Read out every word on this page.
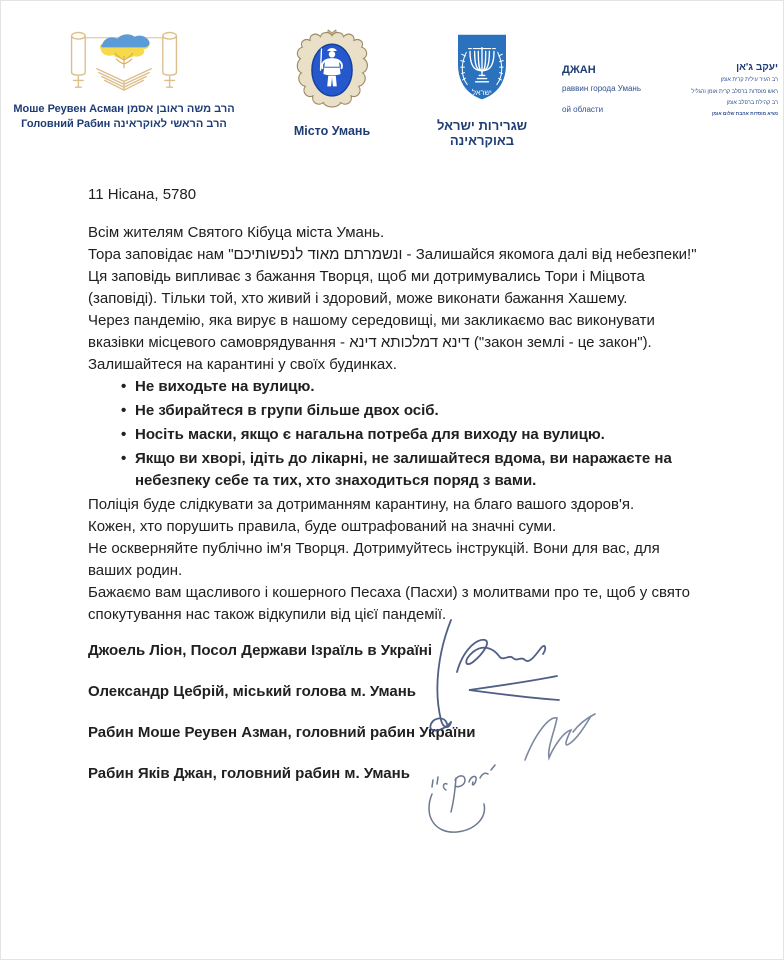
Моше Реувен Асман הרב משה ראובן אסמן
Головний Рабин הרב הראשי לאוקראינה	Місто Умань
ישראל
שגרירות ישראל באוקראינה
ДЖАН
раввин города Умань
ой области
יעקב ג'אן
רב העיר עילית קרית אומן
ראש מוסדות ברסלב קרית אומן והגליל
רב קהילת ברסלב אומן
נשיא מוסדות אהבת שלום אומן

11 Нісана, 5780

Всім жителям Святого Кібуца міста Умань.

Тора заповідає нам "ונשמרתם מאוד לנפשותיכם - Залишайся якомога далі від небезпеки!" Ця заповідь випливає з бажання Творця, щоб ми дотримувались Тори і Міцвота (заповіді). Тільки той, хто живий і здоровий, може виконати бажання Хашему.

Через пандемію, яка вирує в нашому середовищі, ми закликаємо вас виконувати вказівки місцевого самоврядування - דינא דמלכותא דינא ("закон землі - це закон").

Залишайтеся на карантині у своїх будинках.

• Не виходьте на вулицю.
• Не збирайтеся в групи більше двох осіб.
• Носіть маски, якщо є нагальна потреба для виходу на вулицю.
• Якщо ви хворі, ідіть до лікарні, не залишайтеся вдома, ви наражаєте на небезпеку себе та тих, хто знаходиться поряд з вами.

Поліція буде слідкувати за дотриманням карантину, на благо вашого здоров'я.

Кожен, хто порушить правила, буде оштрафований на значні суми.

Не оскверняйте публічно ім'я Творця. Дотримуйтесь інструкцій. Вони для вас, для ваших родин.

Бажаємо вам щасливого і кошерного Песаха (Пасхи) з молитвами про те, щоб у свято спокутування нас також відкупили від цієї пандемії.

Джоель Ліон, Посол Держави Ізраїль в Україні

Олександр Цебрій, міський голова м. Умань

Рабин Моше Реувен Азман, головний рабин України

Рабин Яків Джан, головний рабин м. Умань
